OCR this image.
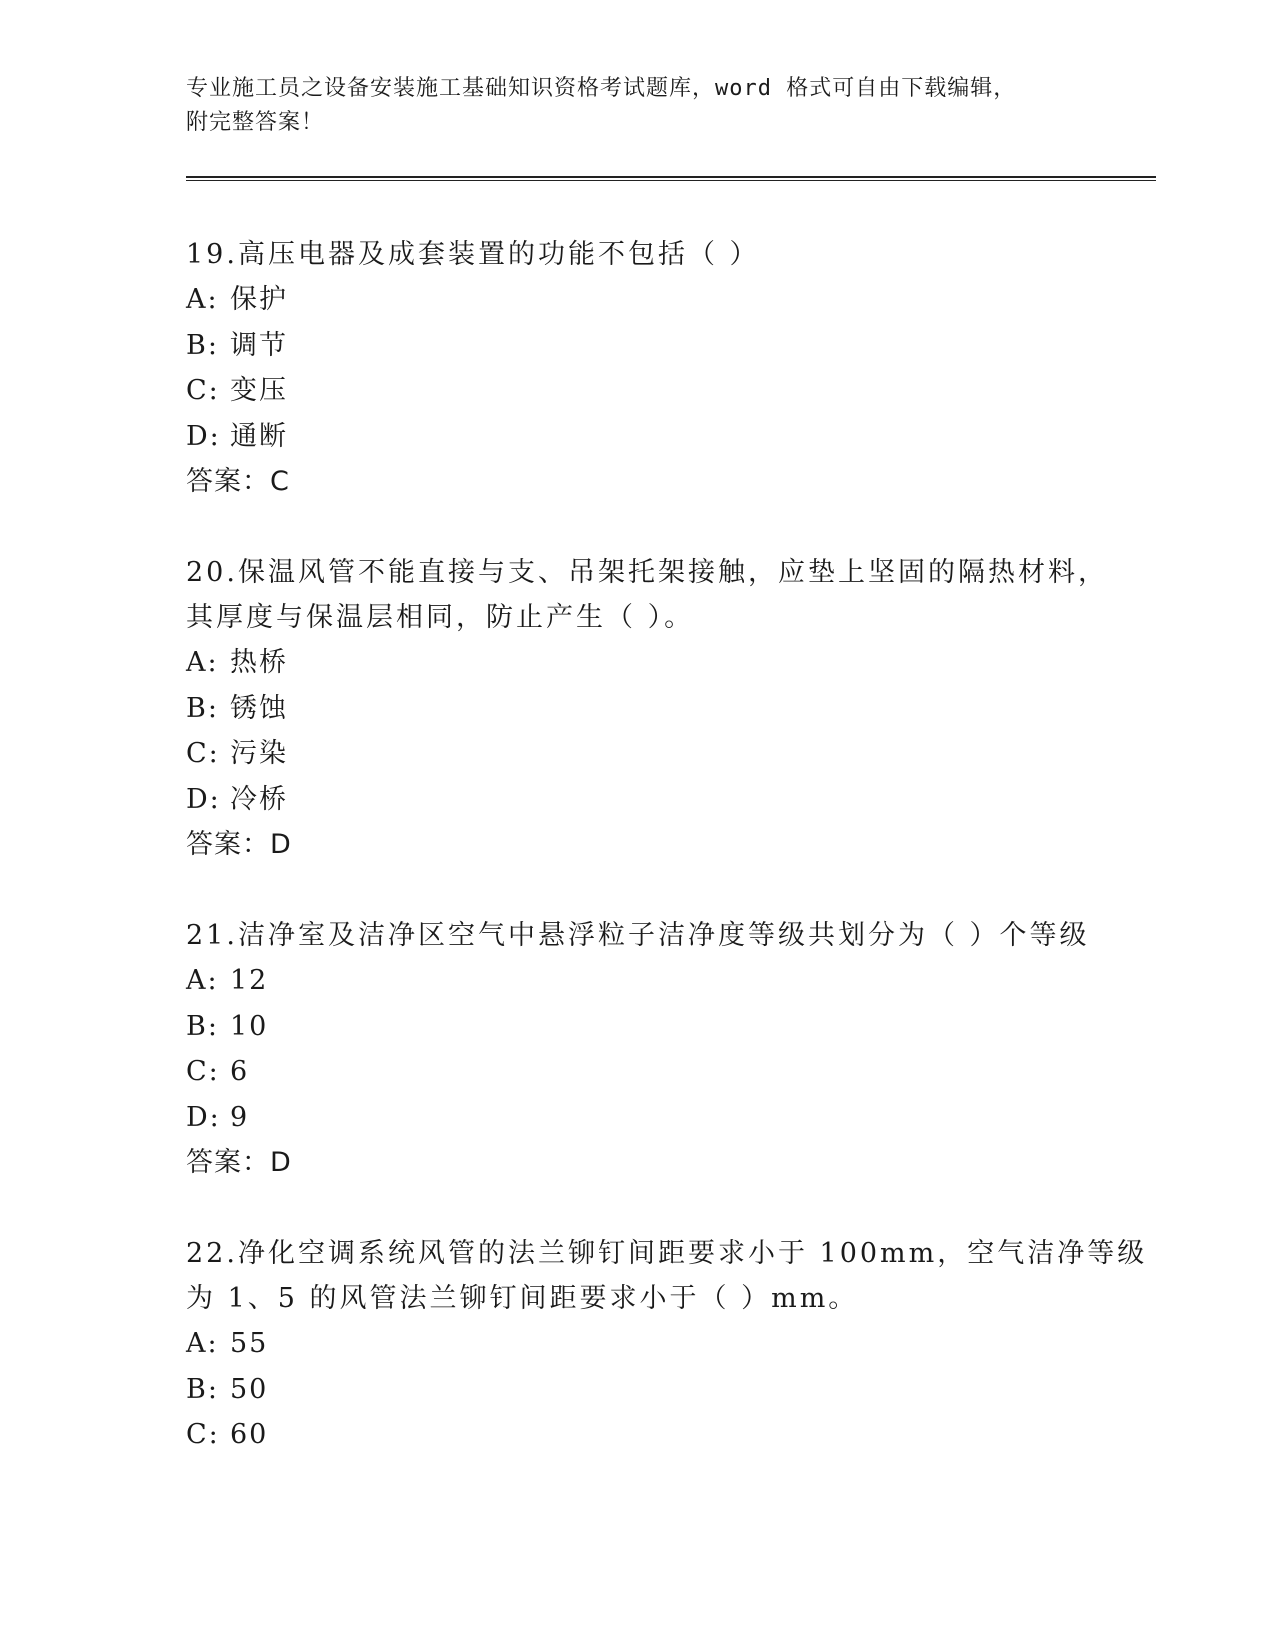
专业施工员之设备安装施工基础知识资格考试题库，word 格式可自由下载编辑，
附完整答案！
19.高压电器及成套装置的功能不包括（ ）
A: 保护
B: 调节
C: 变压
D: 通断
答案：C
20.保温风管不能直接与支、吊架托架接触，应垫上坚固的隔热材料，
其厚度与保温层相同，防止产生（ ）。
A: 热桥
B: 锈蚀
C: 污染
D: 冷桥
答案：D
21.洁净室及洁净区空气中悬浮粒子洁净度等级共划分为（ ）个等级
A: 12
B: 10
C: 6
D: 9
答案：D
22.净化空调系统风管的法兰铆钉间距要求小于 100mm，空气洁净等级
为 1、5 的风管法兰铆钉间距要求小于（ ）mm。
A: 55
B: 50
C: 60
